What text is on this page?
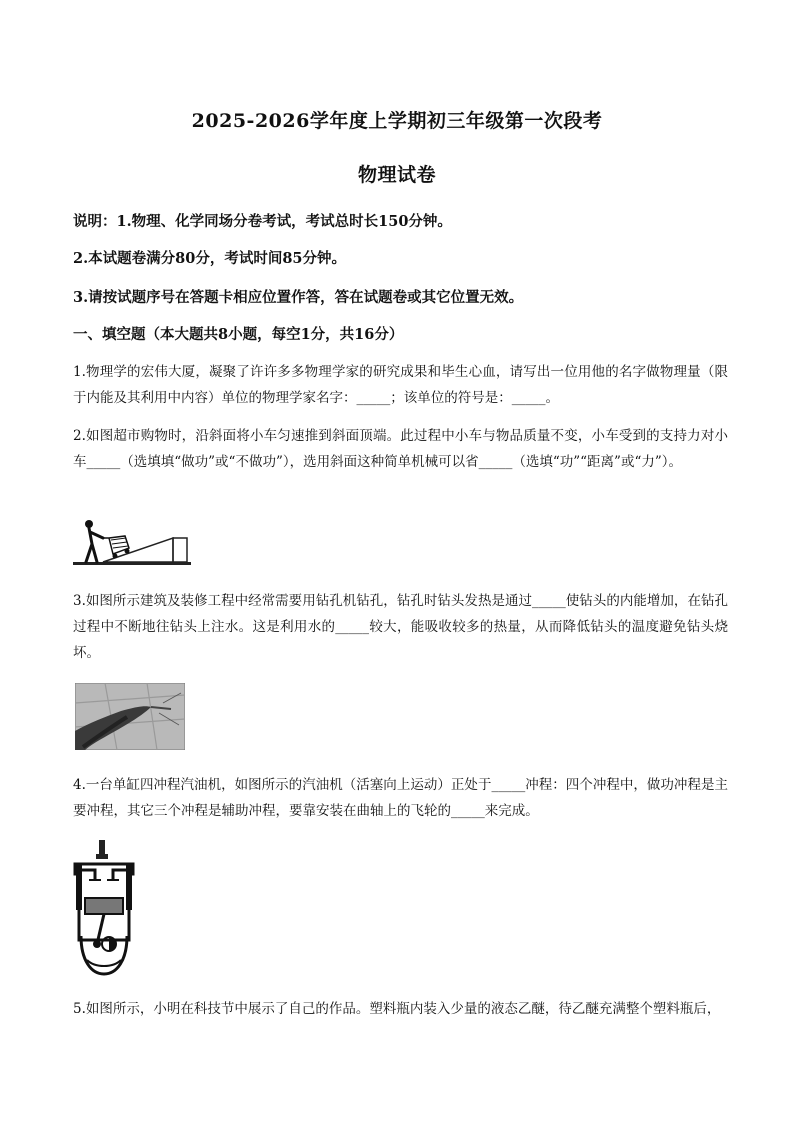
2025-2026学年度上学期初三年级第一次段考
物理试卷
说明：1.物理、化学同场分卷考试，考试总时长150分钟。
2.本试题卷满分80分，考试时间85分钟。
3.请按试题序号在答题卡相应位置作答，答在试题卷或其它位置无效。
一、填空题（本大题共8小题，每空1分，共16分）
1.物理学的宏伟大厦，凝聚了许许多多物理学家的研究成果和毕生心血，请写出一位用他的名字做物理量（限于内能及其利用中内容）单位的物理学家名字：_____；该单位的符号是：_____。
2.如图超市购物时，沿斜面将小车匀速推到斜面顶端。此过程中小车与物品质量不变，小车受到的支持力对小车_____（选填填“做功”或“不做功”），选用斜面这种简单机械可以省_____（选填“功”“距离”或“力”）。
3.如图所示建筑及装修工程中经常需要用钻孔机钻孔，钻孔时钻头发热是通过_____使钻头的内能增加，在钻孔过程中不断地往钻头上注水。这是利用水的_____较大，能吸收较多的热量，从而降低钻头的温度避免钻头烧坏。
4.一台单缸四冲程汽油机，如图所示的汽油机（活塞向上运动）正处于_____冲程：四个冲程中，做功冲程是主要冲程，其它三个冲程是辅助冲程，要靠安装在曲轴上的飞轮的_____来完成。
5.如图所示，小明在科技节中展示了自己的作品。塑料瓶内装入少量的液态乙醚，待乙醚充满整个塑料瓶后，
